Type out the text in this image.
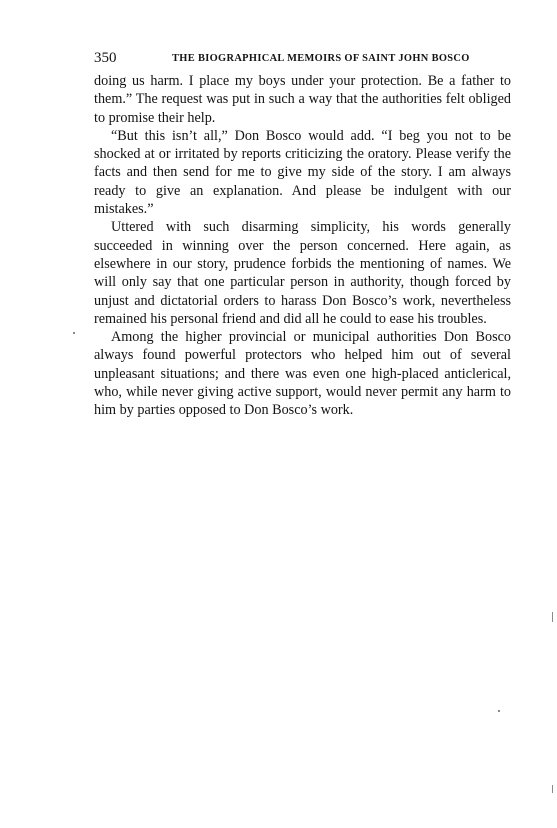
350	THE BIOGRAPHICAL MEMOIRS OF SAINT JOHN BOSCO

doing us harm. I place my boys under your protection. Be a father to them.” The request was put in such a way that the authorities felt obliged to promise their help.

“But this isn’t all,” Don Bosco would add. “I beg you not to be shocked at or irritated by reports criticizing the oratory. Please verify the facts and then send for me to give my side of the story. I am always ready to give an explanation. And please be indulgent with our mistakes.”

Uttered with such disarming simplicity, his words generally succeeded in winning over the person concerned. Here again, as elsewhere in our story, prudence forbids the mentioning of names. We will only say that one particular person in authority, though forced by unjust and dictatorial orders to harass Don Bosco’s work, nevertheless remained his personal friend and did all he could to ease his troubles.

Among the higher provincial or municipal authorities Don Bosco always found powerful protectors who helped him out of several unpleasant situations; and there was even one high-placed anticlerical, who, while never giving active support, would never permit any harm to him by parties opposed to Don Bosco’s work.
